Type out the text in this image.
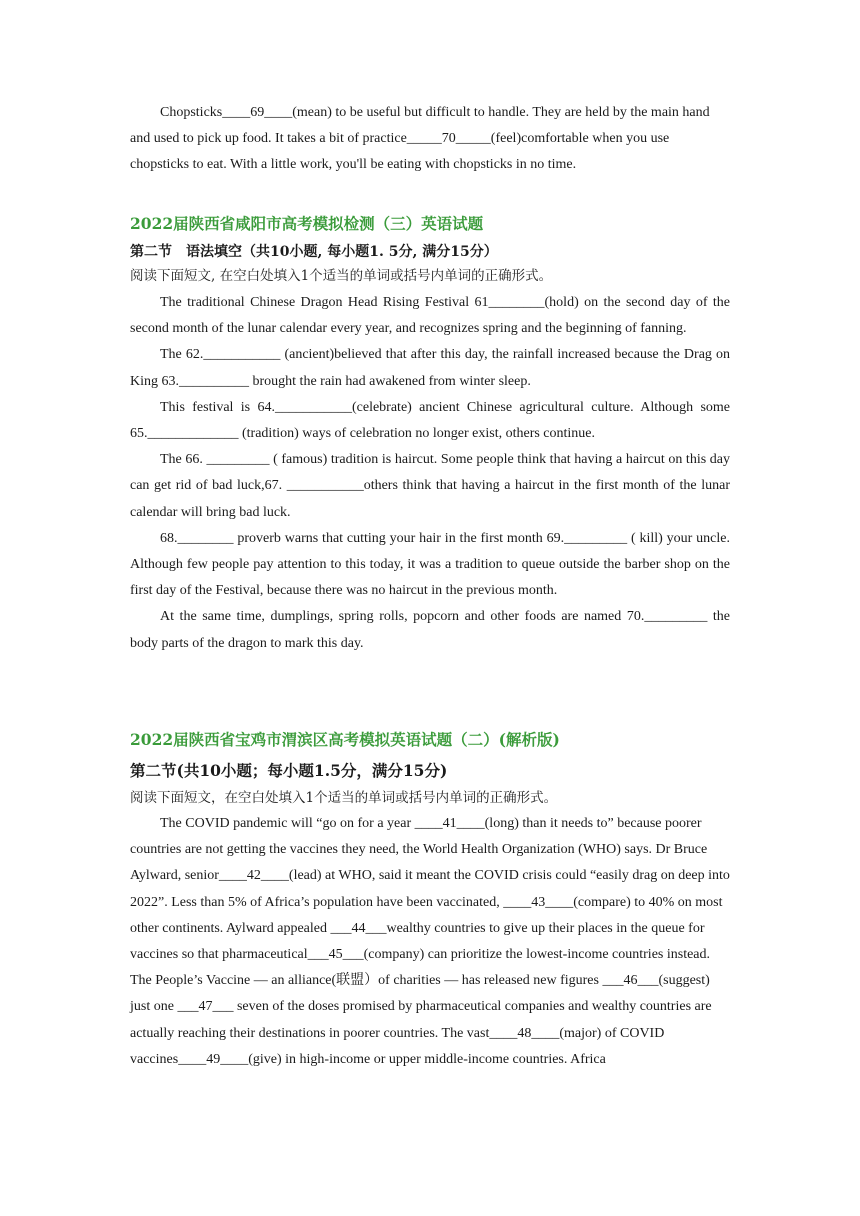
Chopsticks____69____(mean) to be useful but difficult to handle. They are held by the main hand and used to pick up food. It takes a bit of practice_____70_____(feel)comfortable when you use chopsticks to eat. With a little work, you'll be eating with chopsticks in no time.

2022届陕西省咸阳市高考模拟检测（三）英语试题

第二节　语法填空（共10小题, 每小题1. 5分, 满分15分）

阅读下面短文, 在空白处填入1个适当的单词或括号内单词的正确形式。

The traditional Chinese Dragon Head Rising Festival 61________(hold) on the second day of the second month of the lunar calendar every year, and recognizes spring and the beginning of fanning.

The 62.___________ (ancient)believed that after this day, the rainfall increased because the Drag on King 63.__________ brought the rain had awakened from winter sleep.

This festival is 64.___________(celebrate) ancient Chinese agricultural culture. Although some 65._____________ (tradition) ways of celebration no longer exist, others continue.

The 66. _________ ( famous) tradition is haircut. Some people think that having a haircut on this day can get rid of bad luck,67. ___________others think that having a haircut in the first month of the lunar calendar will bring bad luck.

68.________ proverb warns that cutting your hair in the first month 69._________ ( kill) your uncle. Although few people pay attention to this today, it was a tradition to queue outside the barber shop on the first day of the Festival, because there was no haircut in the previous month.

At the same time, dumplings, spring rolls, popcorn and other foods are named 70._________ the body parts of the dragon to mark this day.

2022届陕西省宝鸡市渭滨区高考模拟英语试题（二）(解析版)

第二节(共10小题；每小题1.5分，满分15分)

阅读下面短文，在空白处填入1个适当的单词或括号内单词的正确形式。

The COVID pandemic will “go on for a year ____41____(long) than it needs to” because poorer countries are not getting the vaccines they need, the World Health Organization (WHO) says. Dr Bruce Aylward, senior____42____(lead) at WHO, said it meant the COVID crisis could “easily drag on deep into 2022”. Less than 5% of Africa’s population have been vaccinated, ____43____(compare) to 40% on most other continents. Aylward appealed ___44___wealthy countries to give up their places in the queue for vaccines so that pharmaceutical___45___(company) can prioritize the lowest-income countries instead. The People’s Vaccine — an alliance(联盟）of charities — has released new figures ___46___(suggest) just one ___47___ seven of the doses promised by pharmaceutical companies and wealthy countries are actually reaching their destinations in poorer countries. The vast____48____(major) of COVID vaccines____49____(give) in high-income or upper middle-income countries. Africa
